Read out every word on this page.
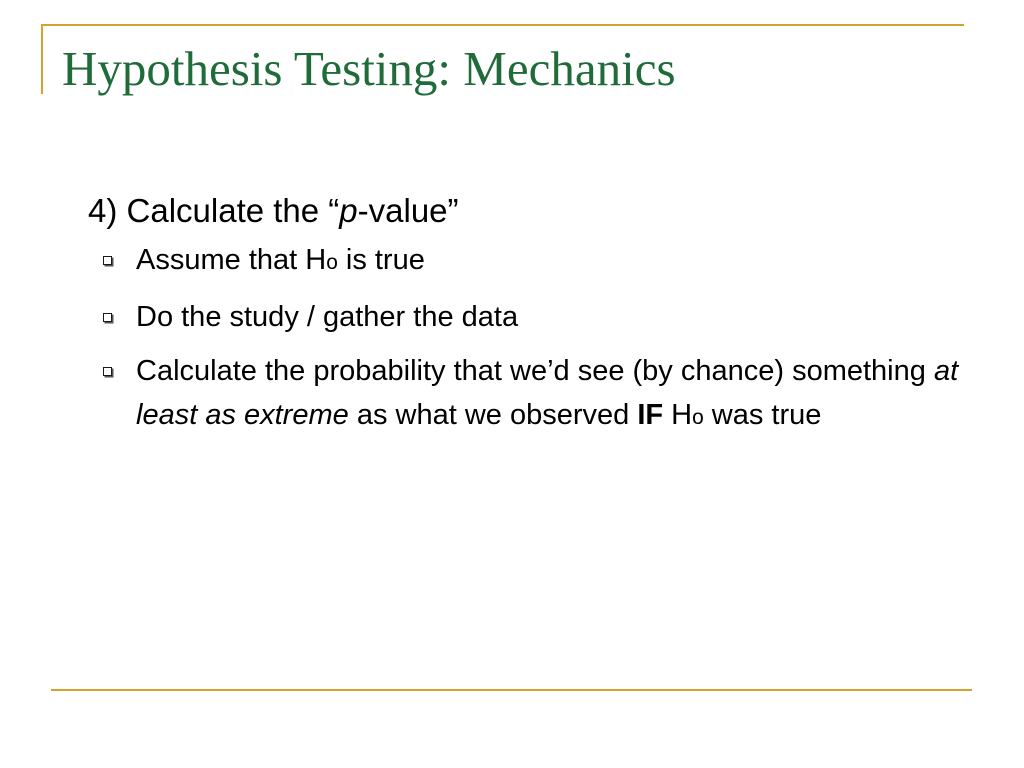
Hypothesis Testing: Mechanics
4) Calculate the “p-value”
Assume that Ho is true
Do the study / gather the data
Calculate the probability that we’d see (by chance) something at least as extreme as what we observed IF Ho was true
